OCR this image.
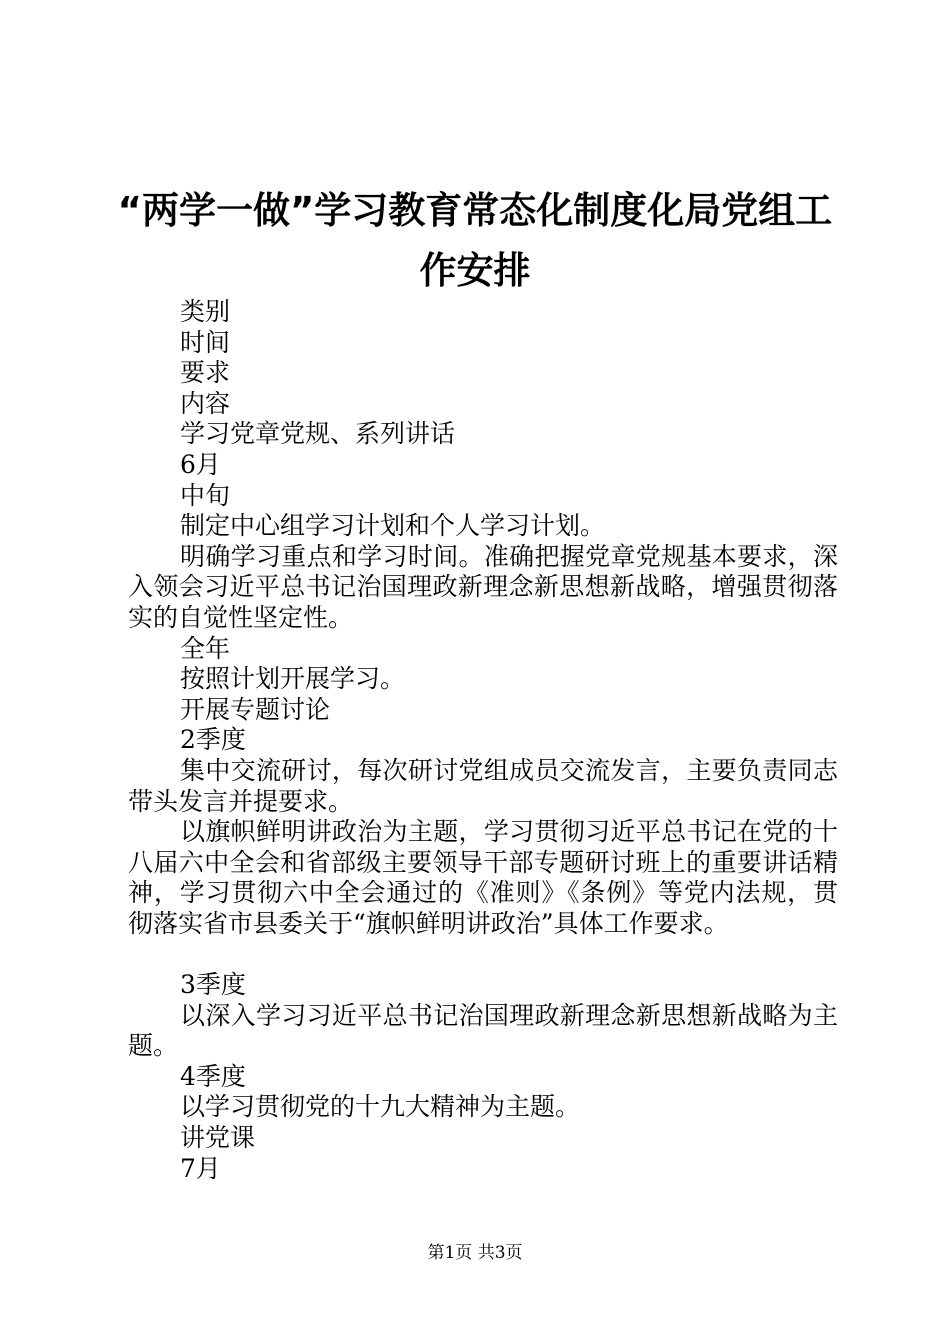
“两学一做”学习教育常态化制度化局党组工
作安排

类别

时间

要求

内容

学习党章党规、系列讲话

6月

中旬

制定中心组学习计划和个人学习计划。

明确学习重点和学习时间。准确把握党章党规基本要求，深入领会习近平总书记治国理政新理念新思想新战略，增强贯彻落实的自觉性坚定性。

全年

按照计划开展学习。

开展专题讨论

2季度

集中交流研讨，每次研讨党组成员交流发言，主要负责同志带头发言并提要求。

以旗帜鲜明讲政治为主题，学习贯彻习近平总书记在党的十八届六中全会和省部级主要领导干部专题研讨班上的重要讲话精神，学习贯彻六中全会通过的《准则》《条例》等党内法规，贯彻落实省市县委关于“旗帜鲜明讲政治”具体工作要求。

3季度

以深入学习习近平总书记治国理政新理念新思想新战略为主题。

4季度

以学习贯彻党的十九大精神为主题。

讲党课

7月

第1页 共3页
